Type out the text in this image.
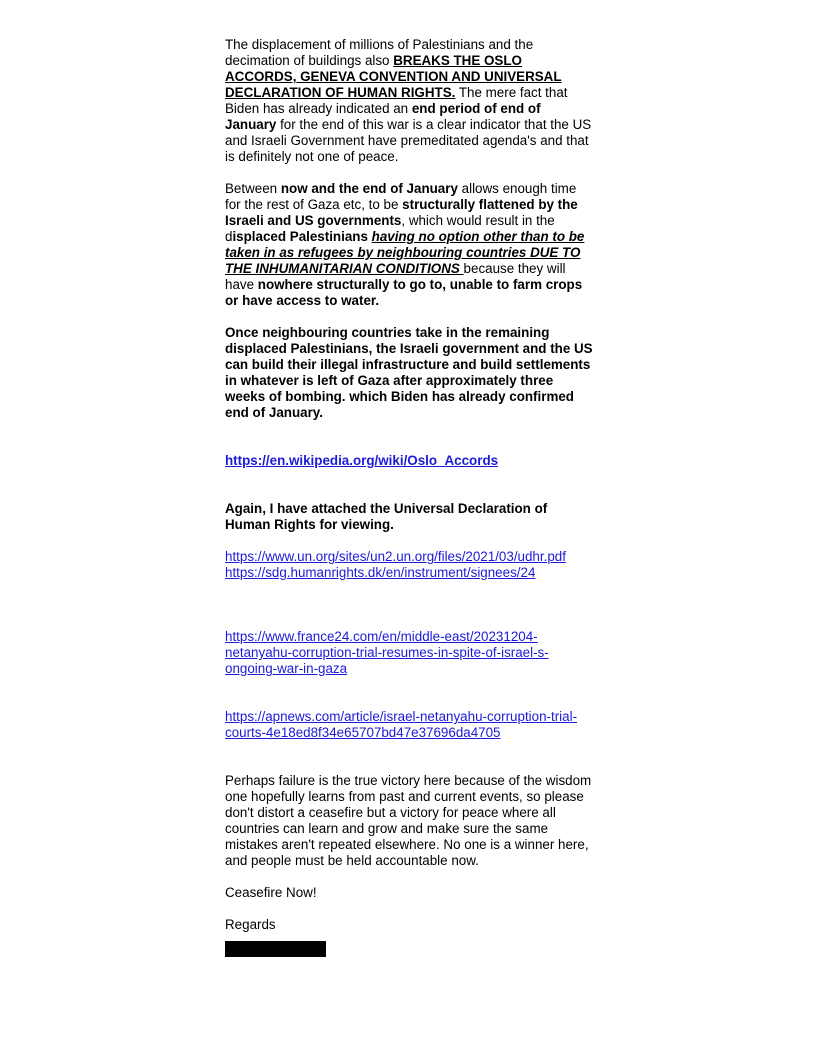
The displacement of millions of Palestinians and the decimation of buildings also BREAKS THE OSLO ACCORDS, GENEVA CONVENTION AND UNIVERSAL DECLARATION OF HUMAN RIGHTS. The mere fact that Biden has already indicated an end period of end of January for the end of this war is a clear indicator that the US and Israeli Government have premeditated agenda's and that is definitely not one of peace.

Between now and the end of January allows enough time for the rest of Gaza etc, to be structurally flattened by the Israeli and US governments, which would result in the displaced Palestinians having no option other than to be taken in as refugees by neighbouring countries DUE TO THE INHUMANITARIAN CONDITIONS because they will have nowhere structurally to go to, unable to farm crops or have access to water.

Once neighbouring countries take in the remaining displaced Palestinians, the Israeli government and the US can build their illegal infrastructure and build settlements in whatever is left of Gaza after approximately three weeks of bombing. which Biden has already confirmed end of January.

https://en.wikipedia.org/wiki/Oslo_Accords

Again, I have attached the Universal Declaration of Human Rights for viewing.

https://www.un.org/sites/un2.un.org/files/2021/03/udhr.pdf

https://sdg.humanrights.dk/en/instrument/signees/24

https://www.france24.com/en/middle-east/20231204-netanyahu-corruption-trial-resumes-in-spite-of-israel-s-ongoing-war-in-gaza

https://apnews.com/article/israel-netanyahu-corruption-trial-courts-4e18ed8f34e65707bd47e37696da4705

Perhaps failure is the true victory here because of the wisdom one hopefully learns from past and current events, so please don't distort a ceasefire but a victory for peace where all countries can learn and grow and make sure the same mistakes aren't repeated elsewhere. No one is a winner here, and people must be held accountable now.

Ceasefire Now!

Regards
